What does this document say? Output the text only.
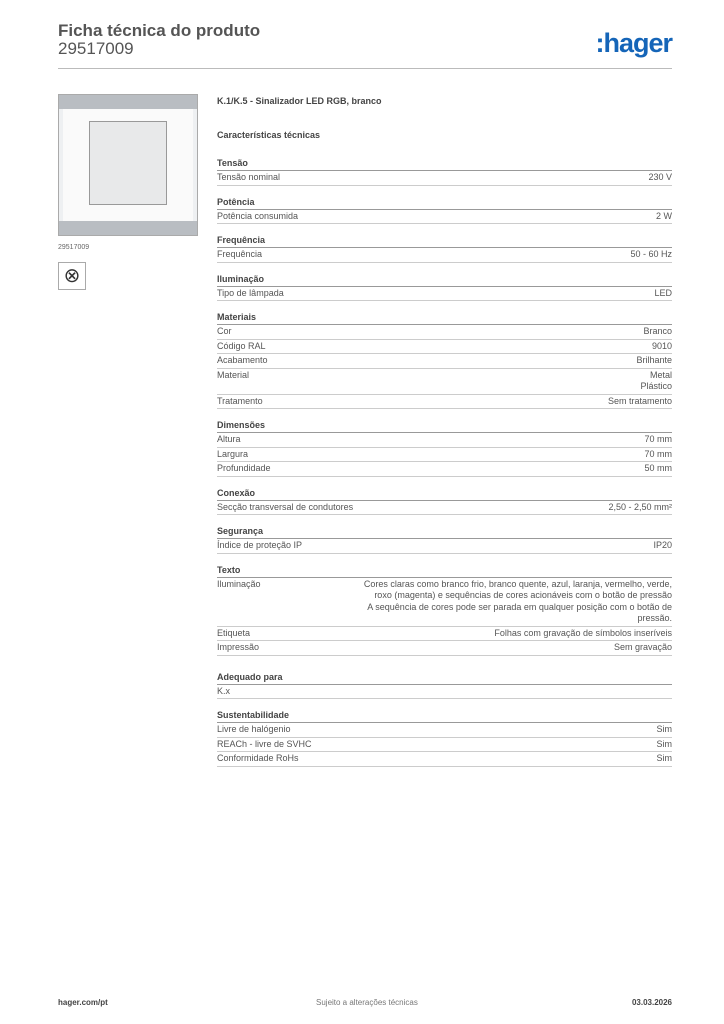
Ficha técnica do produto
29517009	:hager
29517009
⊗
K.1/K.5 - Sinalizador LED RGB, branco
Características técnicas
Tensão
Tensão nominal	230 V
Potência
Potência consumida	2 W
Frequência
Frequência	50 - 60 Hz
Iluminação
Tipo de lâmpada	LED
Materiais
Cor	Branco
Código RAL	9010
Acabamento	Brilhante
Material	Metal
Plástico
Tratamento	Sem tratamento
Dimensões
Altura	70 mm
Largura	70 mm
Profundidade	50 mm
Conexão
Secção transversal de condutores	2,50 - 2,50 mm²
Segurança
Índice de proteção IP	IP20
Texto
Iluminação	Cores claras como branco frio, branco quente, azul, laranja, vermelho, verde, roxo (magenta) e sequências de cores acionáveis com o botão de pressão
A sequência de cores pode ser parada em qualquer posição com o botão de pressão.
Etiqueta	Folhas com gravação de símbolos inseríveis
Impressão	Sem gravação
Adequado para
K.x
Sustentabilidade
Livre de halógenio	Sim
REACh - livre de SVHC	Sim
Conformidade RoHs	Sim
hager.com/pt	Sujeito a alterações técnicas	03.03.2026
